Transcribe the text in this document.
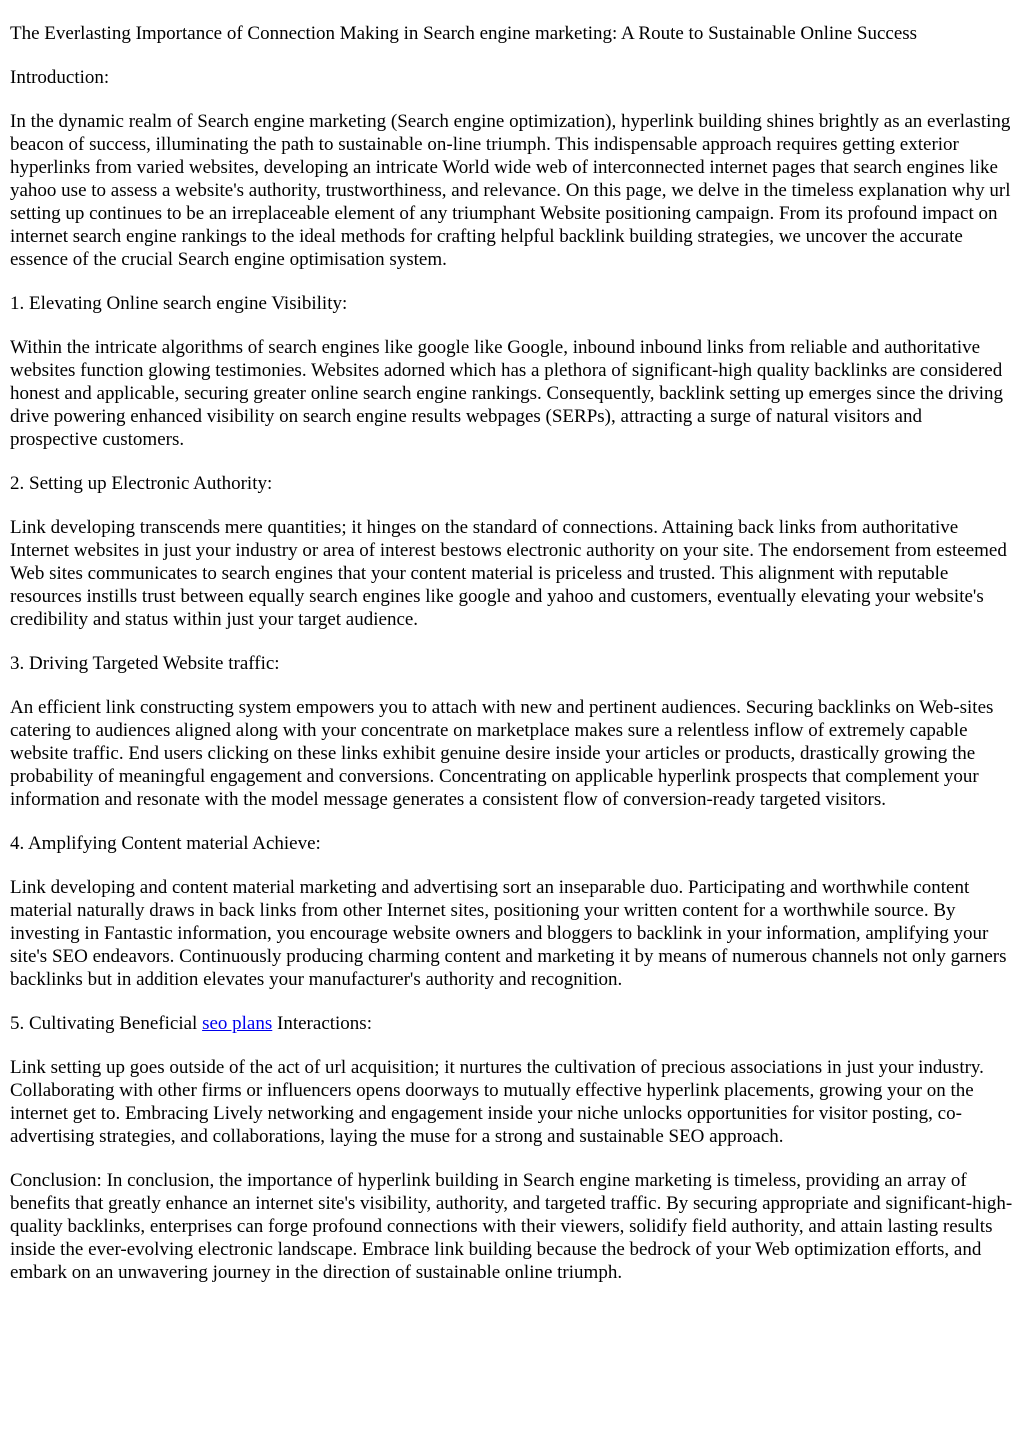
The Everlasting Importance of Connection Making in Search engine marketing: A Route to Sustainable Online Success

Introduction:

In the dynamic realm of Search engine marketing (Search engine optimization), hyperlink building shines brightly as an everlasting beacon of success, illuminating the path to sustainable on-line triumph. This indispensable approach requires getting exterior hyperlinks from varied websites, developing an intricate World wide web of interconnected internet pages that search engines like yahoo use to assess a website's authority, trustworthiness, and relevance. On this page, we delve in the timeless explanation why url setting up continues to be an irreplaceable element of any triumphant Website positioning campaign. From its profound impact on internet search engine rankings to the ideal methods for crafting helpful backlink building strategies, we uncover the accurate essence of the crucial Search engine optimisation system.

1. Elevating Online search engine Visibility:

Within the intricate algorithms of search engines like google like Google, inbound inbound links from reliable and authoritative websites function glowing testimonies. Websites adorned which has a plethora of significant-high quality backlinks are considered honest and applicable, securing greater online search engine rankings. Consequently, backlink setting up emerges since the driving drive powering enhanced visibility on search engine results webpages (SERPs), attracting a surge of natural visitors and prospective customers.

2. Setting up Electronic Authority:

Link developing transcends mere quantities; it hinges on the standard of connections. Attaining back links from authoritative Internet websites in just your industry or area of interest bestows electronic authority on your site. The endorsement from esteemed Web sites communicates to search engines that your content material is priceless and trusted. This alignment with reputable resources instills trust between equally search engines like google and yahoo and customers, eventually elevating your website's credibility and status within just your target audience.

3. Driving Targeted Website traffic:

An efficient link constructing system empowers you to attach with new and pertinent audiences. Securing backlinks on Web-sites catering to audiences aligned along with your concentrate on marketplace makes sure a relentless inflow of extremely capable website traffic. End users clicking on these links exhibit genuine desire inside your articles or products, drastically growing the probability of meaningful engagement and conversions. Concentrating on applicable hyperlink prospects that complement your information and resonate with the model message generates a consistent flow of conversion-ready targeted visitors.

4. Amplifying Content material Achieve:

Link developing and content material marketing and advertising sort an inseparable duo. Participating and worthwhile content material naturally draws in back links from other Internet sites, positioning your written content for a worthwhile source. By investing in Fantastic information, you encourage website owners and bloggers to backlink in your information, amplifying your site's SEO endeavors. Continuously producing charming content and marketing it by means of numerous channels not only garners backlinks but in addition elevates your manufacturer's authority and recognition.

5. Cultivating Beneficial seo plans Interactions:

Link setting up goes outside of the act of url acquisition; it nurtures the cultivation of precious associations in just your industry. Collaborating with other firms or influencers opens doorways to mutually effective hyperlink placements, growing your on the internet get to. Embracing Lively networking and engagement inside your niche unlocks opportunities for visitor posting, co-advertising strategies, and collaborations, laying the muse for a strong and sustainable SEO approach.

Conclusion: In conclusion, the importance of hyperlink building in Search engine marketing is timeless, providing an array of benefits that greatly enhance an internet site's visibility, authority, and targeted traffic. By securing appropriate and significant-high-quality backlinks, enterprises can forge profound connections with their viewers, solidify field authority, and attain lasting results inside the ever-evolving electronic landscape. Embrace link building because the bedrock of your Web optimization efforts, and embark on an unwavering journey in the direction of sustainable online triumph.
